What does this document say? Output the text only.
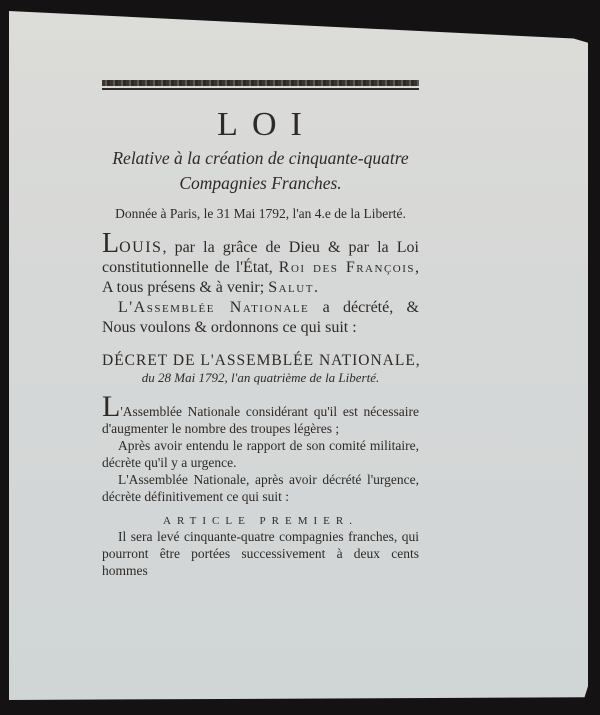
LOI
Relative à la création de cinquante-quatre
Compagnies Franches.
Donnée à Paris, le 31 Mai 1792, l'an 4.e de la Liberté.
LOUIS, par la grâce de Dieu & par la Loi
constitutionnelle de l'État, Roi des François,
A tous présens & à venir; Salut.
L'Assemblée Nationale a décrété, &
Nous voulons & ordonnons ce qui suit :
DÉCRET DE L'ASSEMBLÉE NATIONALE,
du 28 Mai 1792, l'an quatrième de la Liberté.
L'Assemblée Nationale considérant qu'il est nécessaire
d'augmenter le nombre des troupes légères ;
Après avoir entendu le rapport de son comité militaire,
décrète qu'il y a urgence.
L'Assemblée Nationale, après avoir décrété l'urgence,
décrète définitivement ce qui suit :
ARTICLE PREMIER.
Il sera levé cinquante-quatre compagnies franches, qui
pourront être portées successivement à deux cents hommes
